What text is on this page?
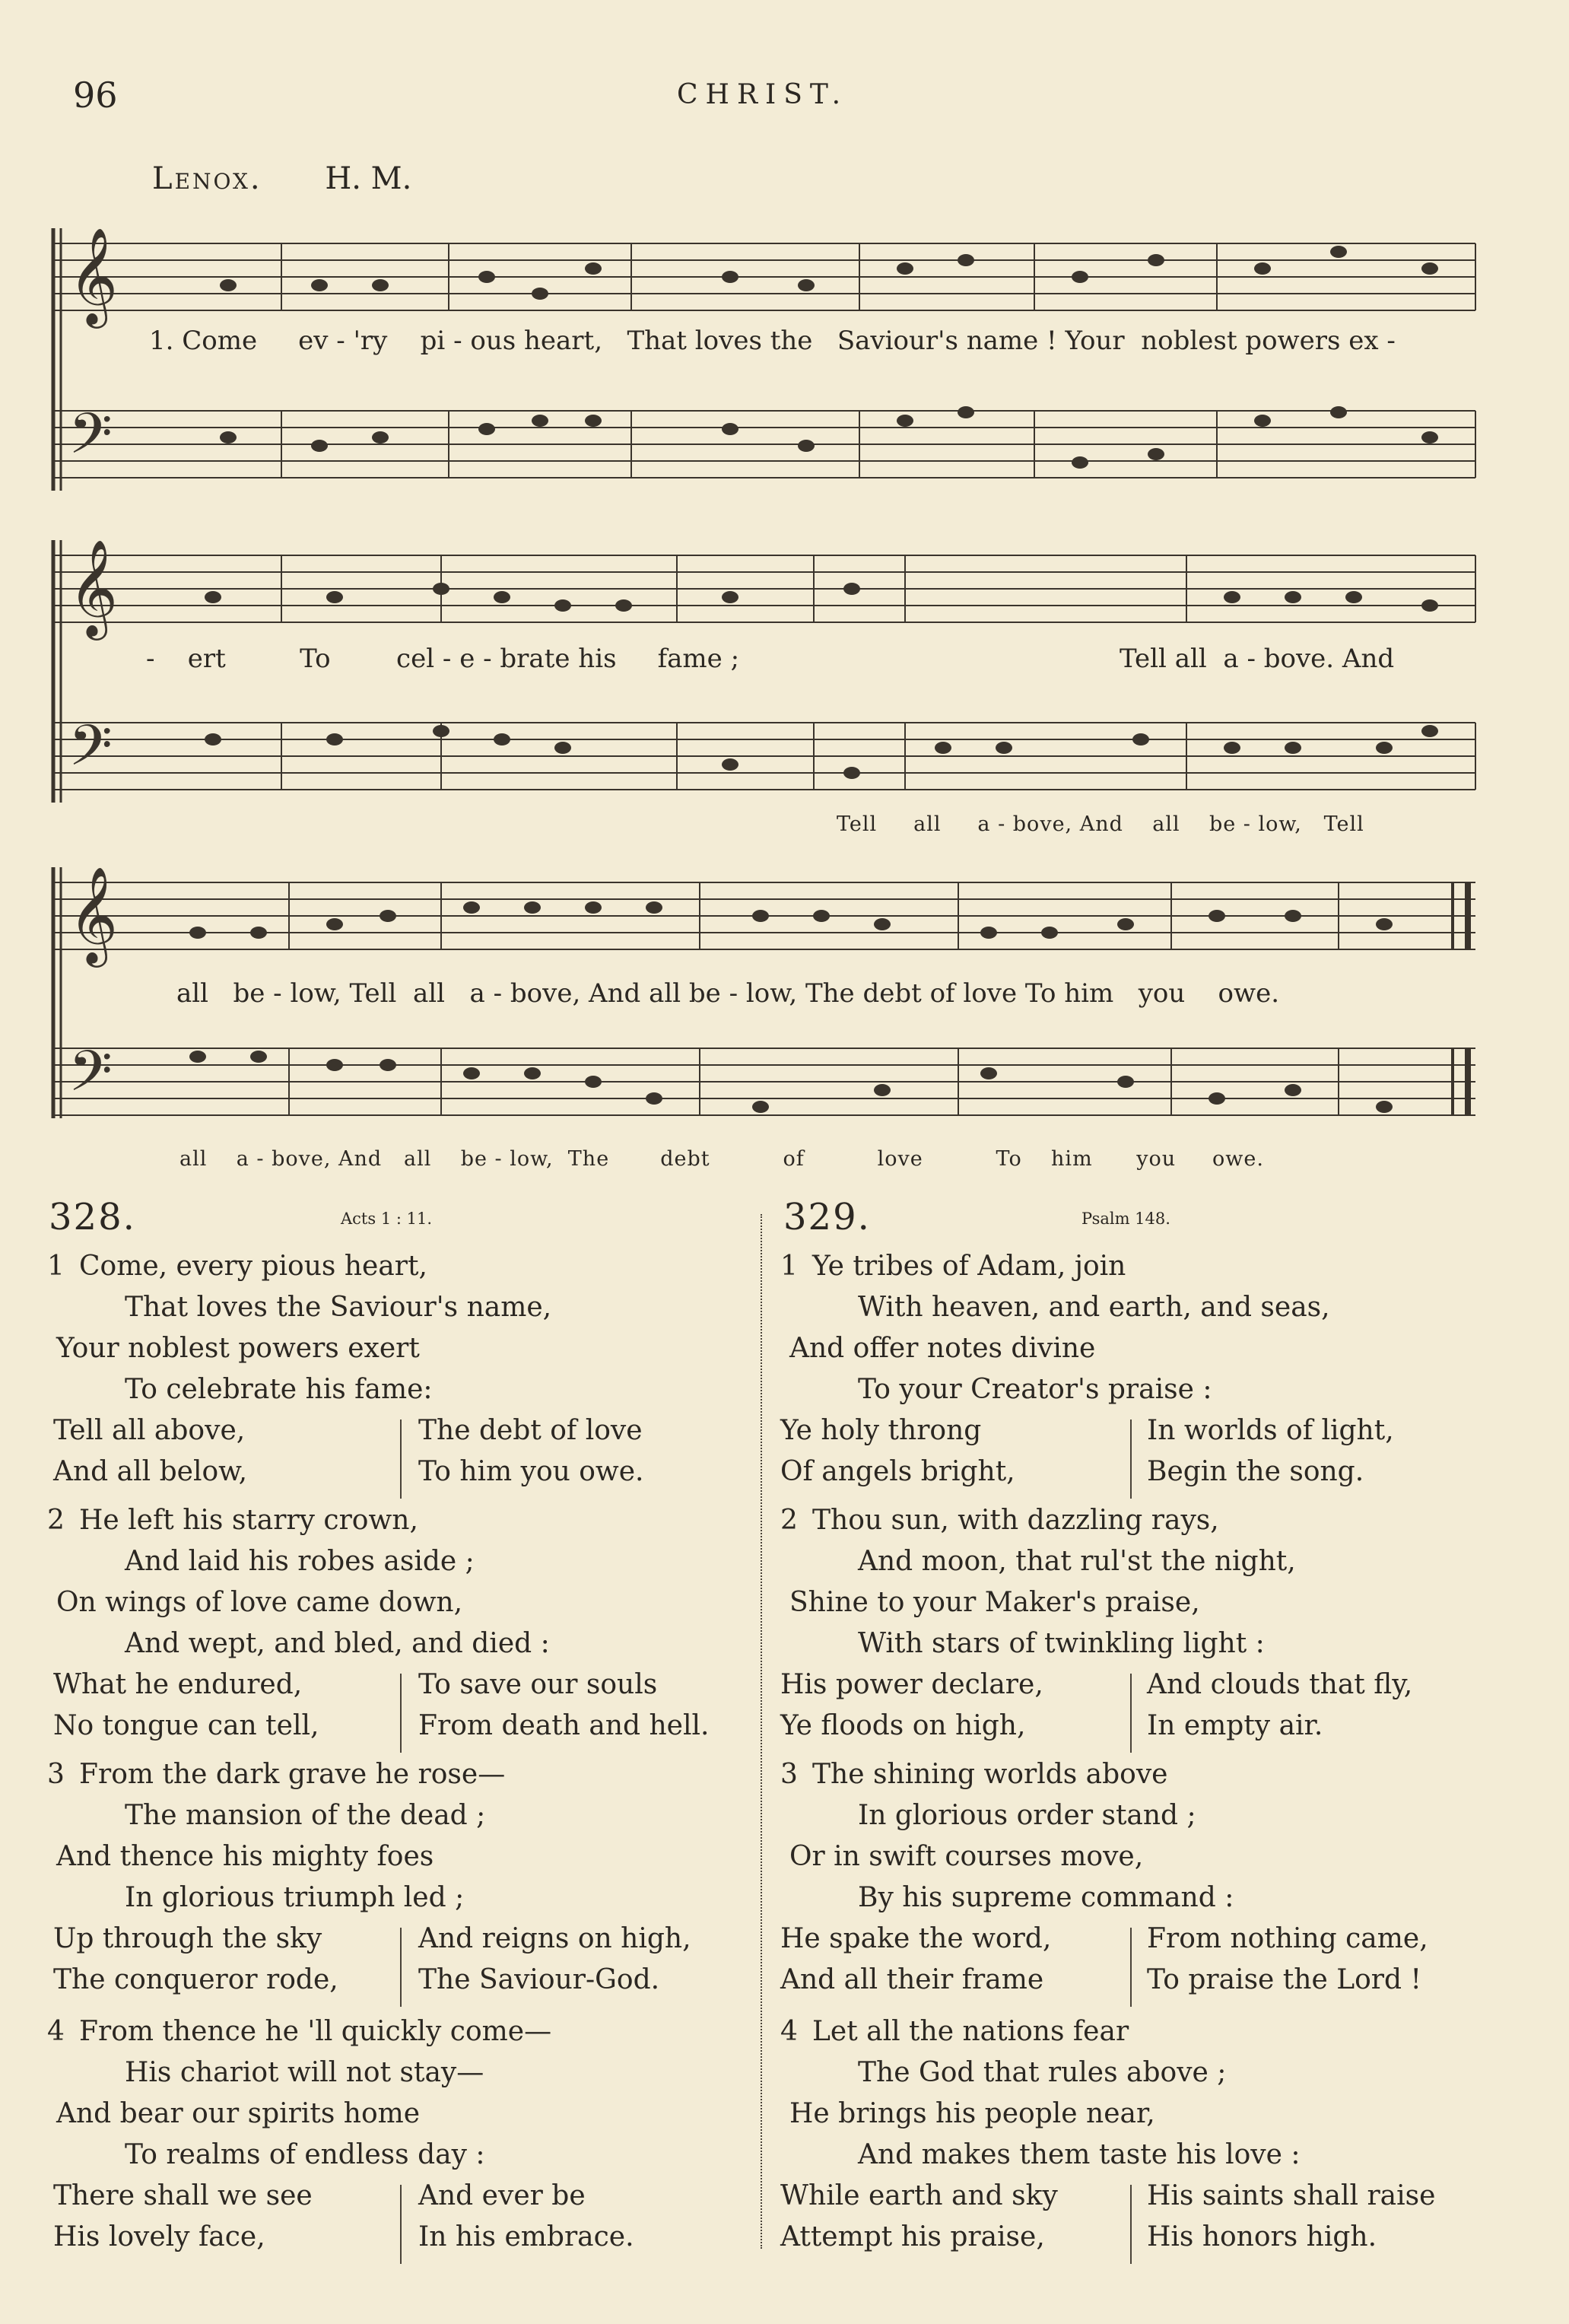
96	CHRIST.
Lenox. H. M.
𝄞
𝄢
1. Come ev - 'ry pi - ous heart, That loves the Saviour's name ! Your noblest powers ex -
𝄞
𝄢
- ert	To	cel - e - brate his fame ;	Tell all a - bove. And
Tell all a - bove, And all be - low, Tell
𝄞
𝄢
all be - low, Tell all a - bove, And all be - low, The debt of love To him you owe.
all a - bove, And all be - low, The debt	of	love	To him you owe.
328.	Acts 1 : 11.	329.	Psalm 148.
1 Come, every pious heart,
That loves the Saviour's name,
Your noblest powers exert
To celebrate his fame:
Tell all above,	The debt of love
And all below,	To him you owe.
2 He left his starry crown,
And laid his robes aside ;
On wings of love came down,
And wept, and bled, and died :
What he endured,	To save our souls
No tongue can tell,	From death and hell.
3 From the dark grave he rose—
The mansion of the dead ;
And thence his mighty foes
In glorious triumph led ;
Up through the sky	And reigns on high,
The conqueror rode,	The Saviour-God.
4 From thence he 'll quickly come—
His chariot will not stay—
And bear our spirits home
To realms of endless day :
There shall we see	And ever be
His lovely face,	In his embrace.
1 Ye tribes of Adam, join
With heaven, and earth, and seas,
And offer notes divine
To your Creator's praise :
Ye holy throng	In worlds of light,
Of angels bright,	Begin the song.
2 Thou sun, with dazzling rays,
And moon, that rul'st the night,
Shine to your Maker's praise,
With stars of twinkling light :
His power declare,	And clouds that fly,
Ye floods on high,	In empty air.
3 The shining worlds above
In glorious order stand ;
Or in swift courses move,
By his supreme command :
He spake the word,	From nothing came,
And all their frame	To praise the Lord !
4 Let all the nations fear
The God that rules above ;
He brings his people near,
And makes them taste his love :
While earth and sky	His saints shall raise
Attempt his praise,	His honors high.
